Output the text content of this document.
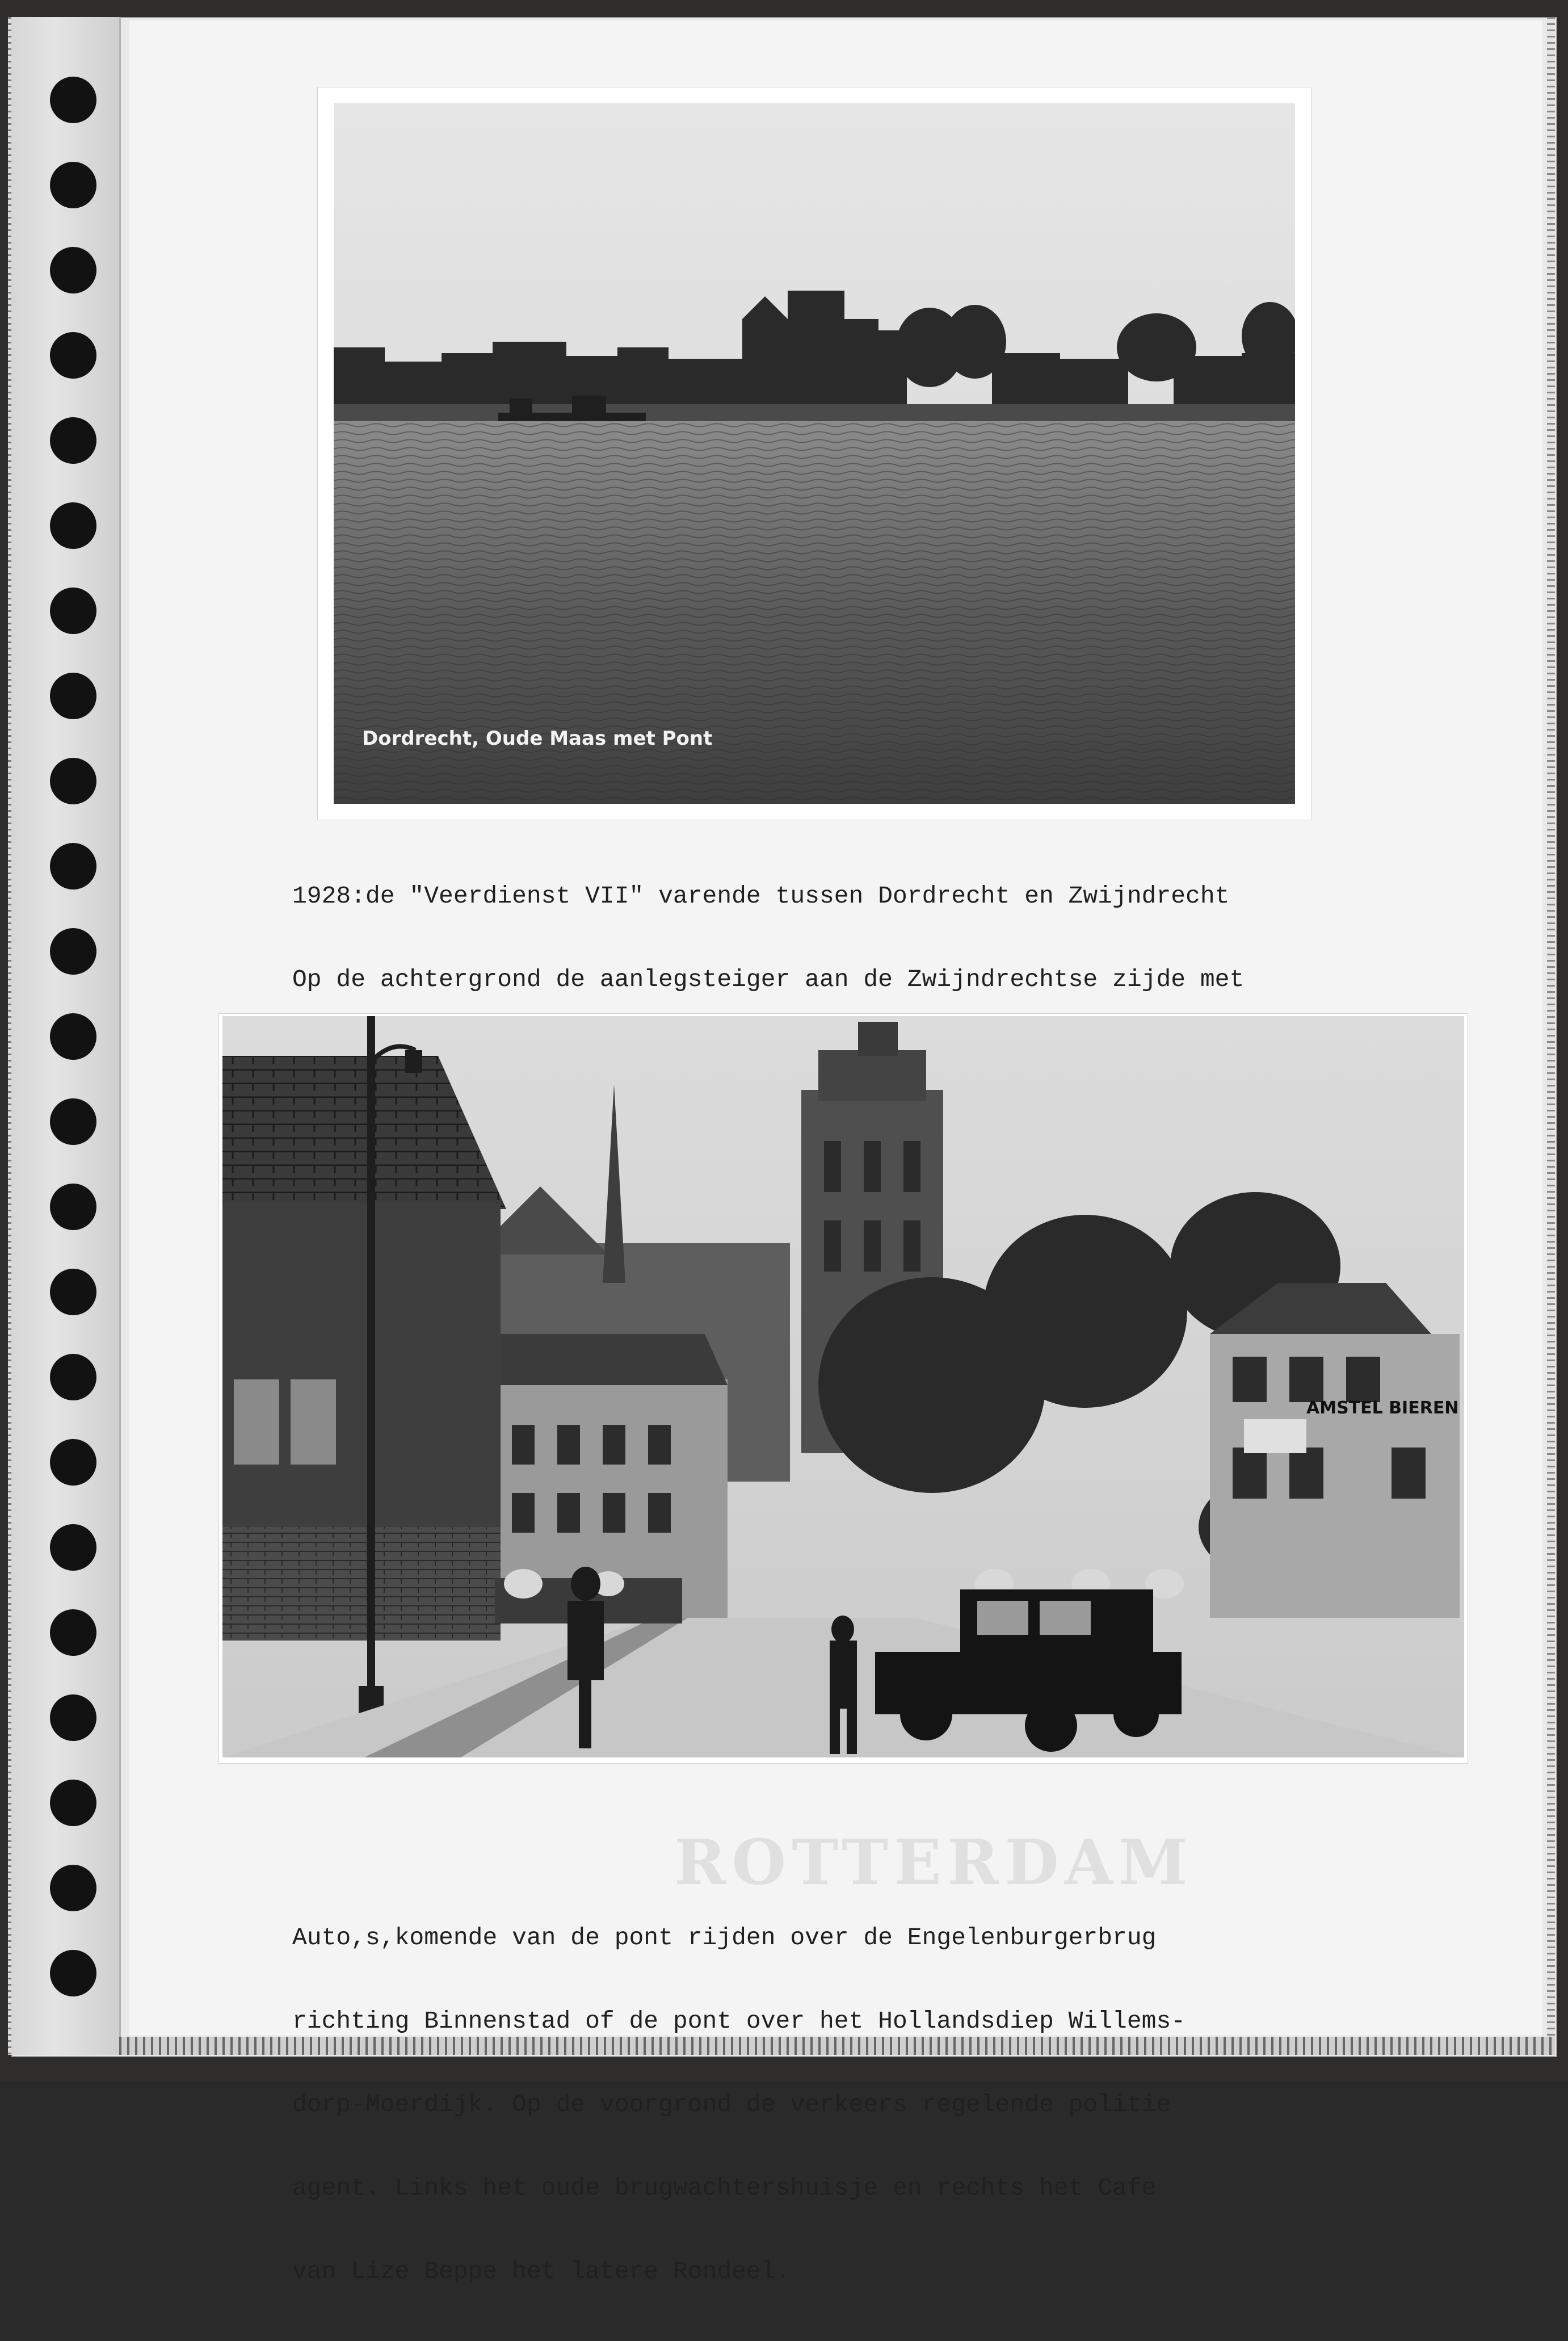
Dordrecht, Oude Maas met Pont

1928:de "Veerdienst VII" varende tussen Dordrecht en Zwijndrecht

Op de achtergrond de aanlegsteiger aan de Zwijndrechtse zijde met

AMSTEL BIEREN
ROTTERDAM

Auto,s,komende van de pont rijden over de Engelenburgerbrug

richting Binnenstad of de pont over het Hollandsdiep Willems-

dorp-Moerdijk. Op de voorgrond de verkeers regelende politie

agent. Links het oude brugwachtershuisje en rechts het Cafe

van Lize Beppe het latere Rondeel.
